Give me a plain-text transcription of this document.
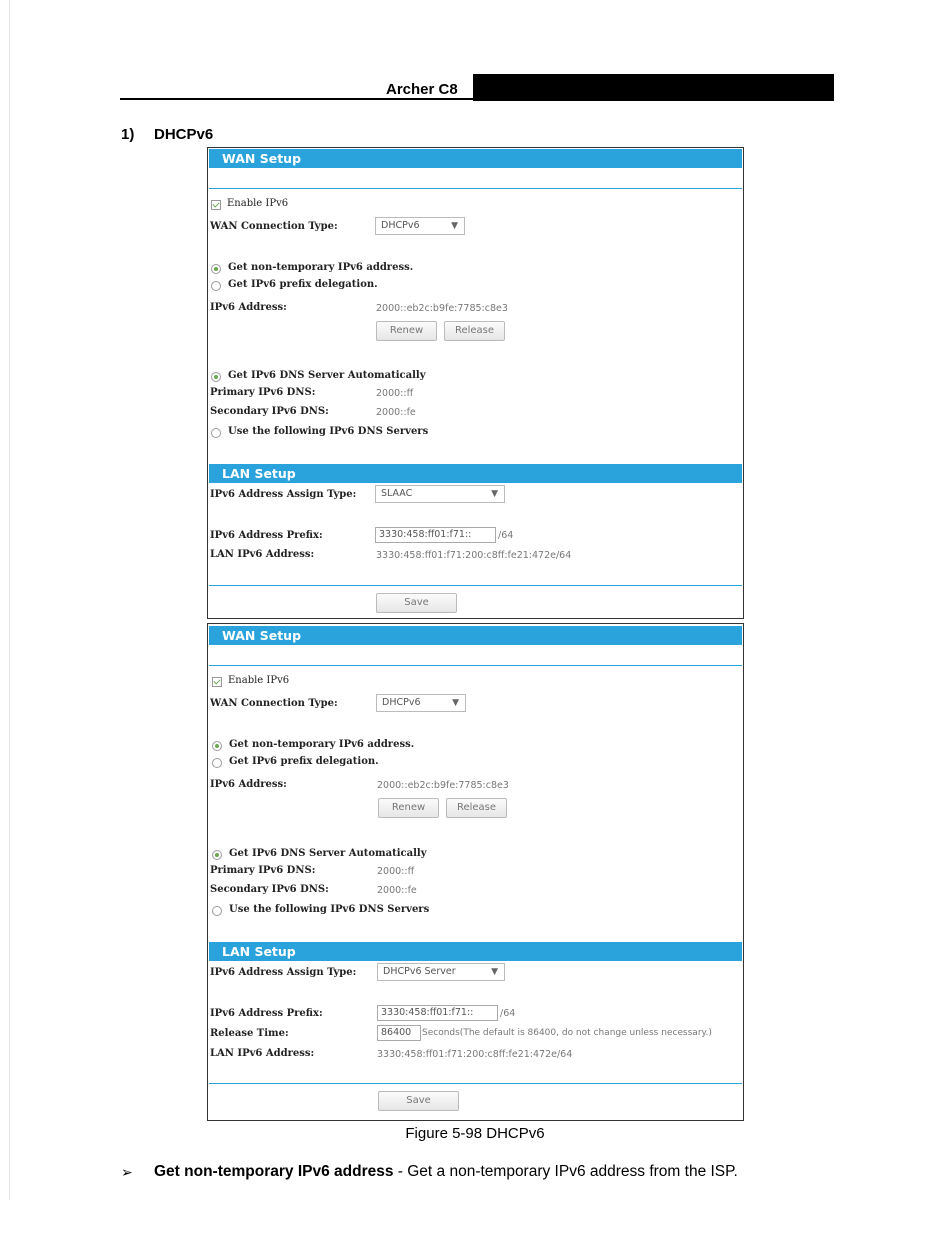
Archer C8
1) DHCPv6
WAN Setup
Enable IPv6
WAN Connection Type:	DHCPv6	▼
Get non-temporary IPv6 address.
Get IPv6 prefix delegation.
IPv6 Address:	2000::eb2c:b9fe:7785:c8e3
Renew	Release
Get IPv6 DNS Server Automatically
Primary IPv6 DNS:	2000::ff
Secondary IPv6 DNS:	2000::fe
Use the following IPv6 DNS Servers
LAN Setup
IPv6 Address Assign Type:	SLAAC	▼
IPv6 Address Prefix:	3330:458:ff01:f71::	/64
LAN IPv6 Address:	3330:458:ff01:f71:200:c8ff:fe21:472e/64
Save
WAN Setup
Enable IPv6
WAN Connection Type:	DHCPv6	▼
Get non-temporary IPv6 address.
Get IPv6 prefix delegation.
IPv6 Address:	2000::eb2c:b9fe:7785:c8e3
Renew	Release
Get IPv6 DNS Server Automatically
Primary IPv6 DNS:	2000::ff
Secondary IPv6 DNS:	2000::fe
Use the following IPv6 DNS Servers
LAN Setup
IPv6 Address Assign Type:	DHCPv6 Server	▼
IPv6 Address Prefix:	3330:458:ff01:f71::	/64
Release Time:	86400	Seconds(The default is 86400, do not change unless necessary.)
LAN IPv6 Address:	3330:458:ff01:f71:200:c8ff:fe21:472e/64
Save
Figure 5-98 DHCPv6
➢ Get non-temporary IPv6 address - Get a non-temporary IPv6 address from the ISP.
